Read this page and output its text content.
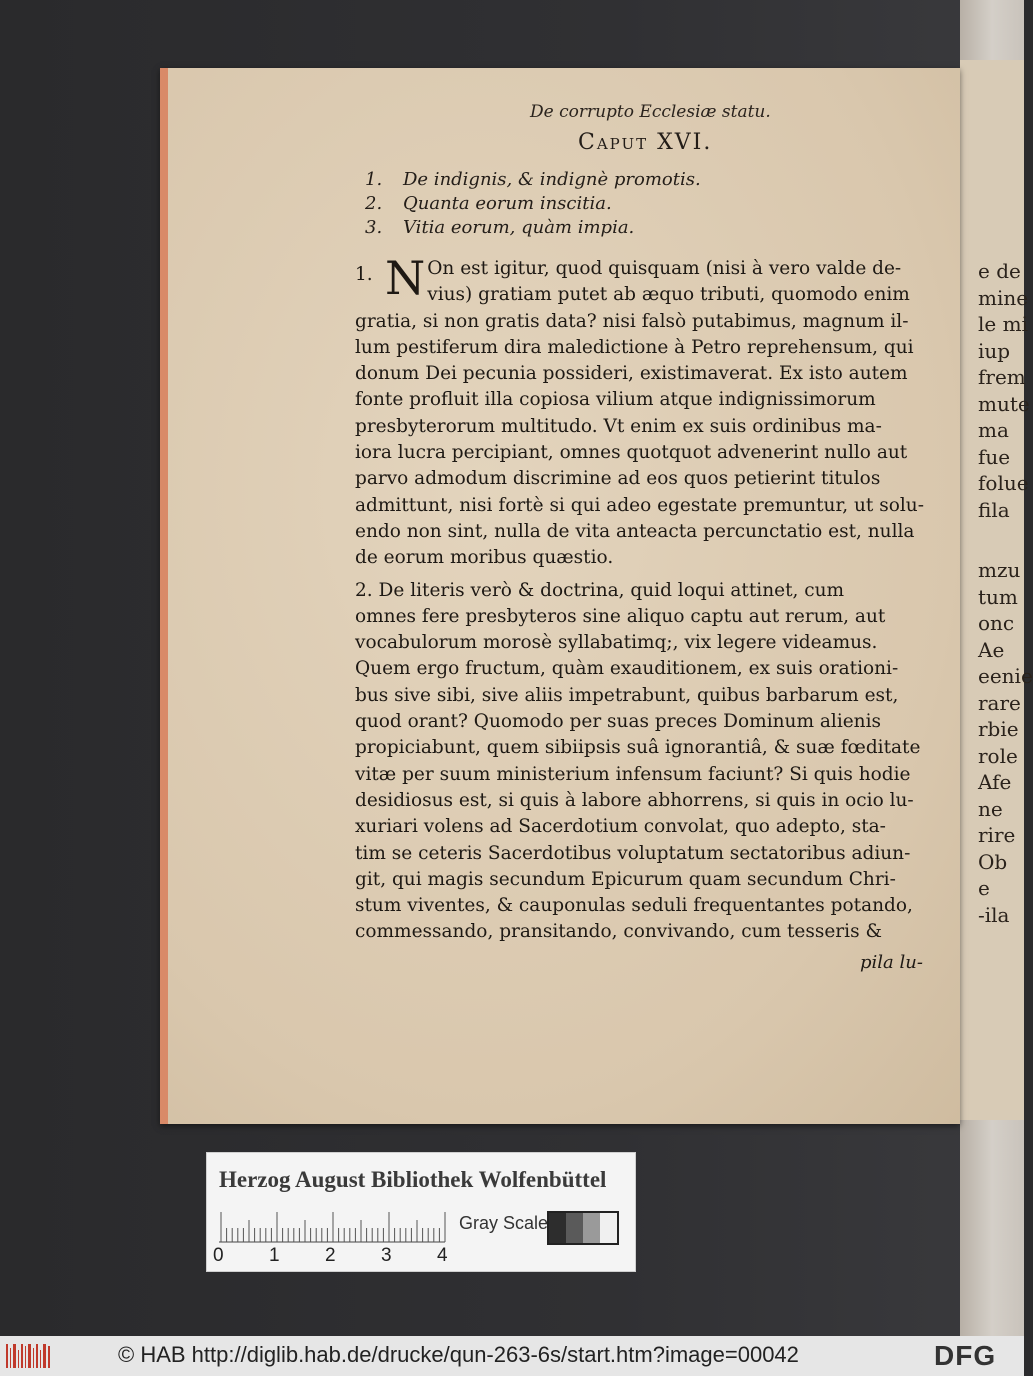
e de
mine
le mi
iup
frem
mute
ma
fue
folue
fila
mzu
tum
onc
Ae
eenie
rare
rbie
role
Afe
ne
rire
Ob
e
-ila
De corrupto Ecclesiæ statu.
Caput XVI.
1.	De indignis, & indignè promotis.
2.	Quanta eorum inscitia.
3.	Vitia eorum, quàm impia.
1. N On est igitur, quod quisquam (nisi à vero valde de-
vius) gratiam putet ab æquo tributi, quomodo enim
gratia, si non gratis data? nisi falsò putabimus, magnum il-
lum pestiferum dira maledictione à Petro reprehensum, qui
donum Dei pecunia possideri, existimaverat. Ex isto autem
fonte profluit illa copiosa vilium atque indignissimorum
presbyterorum multitudo. Vt enim ex suis ordinibus ma-
iora lucra percipiant, omnes quotquot advenerint nullo aut
parvo admodum discrimine ad eos quos petierint titulos
admittunt, nisi fortè si qui adeo egestate premuntur, ut solu-
endo non sint, nulla de vita anteacta percunctatio est, nulla
de eorum moribus quæstio.
2. De literis verò & doctrina, quid loqui attinet, cum
omnes fere presbyteros sine aliquo captu aut rerum, aut
vocabulorum morosè syllabatimq;, vix legere videamus.
Quem ergo fructum, quàm exauditionem, ex suis orationi-
bus sive sibi, sive aliis impetrabunt, quibus barbarum est,
quod orant? Quomodo per suas preces Dominum alienis
propiciabunt, quem sibiipsis suâ ignorantiâ, & suæ fœditate
vitæ per suum ministerium infensum faciunt? Si quis hodie
desidiosus est, si quis à labore abhorrens, si quis in ocio lu-
xuriari volens ad Sacerdotium convolat, quo adepto, sta-
tim se ceteris Sacerdotibus voluptatum sectatoribus adiun-
git, qui magis secundum Epicurum quam secundum Chri-
stum viventes, & cauponulas seduli frequentantes potando,
commessando, pransitando, convivando, cum tesseris &
pila lu-
Herzog August Bibliothek Wolfenbüttel
0 1 2 3 4
Gray Scale
© HAB http://diglib.hab.de/drucke/qun-263-6s/start.htm?image=00042	DFG
